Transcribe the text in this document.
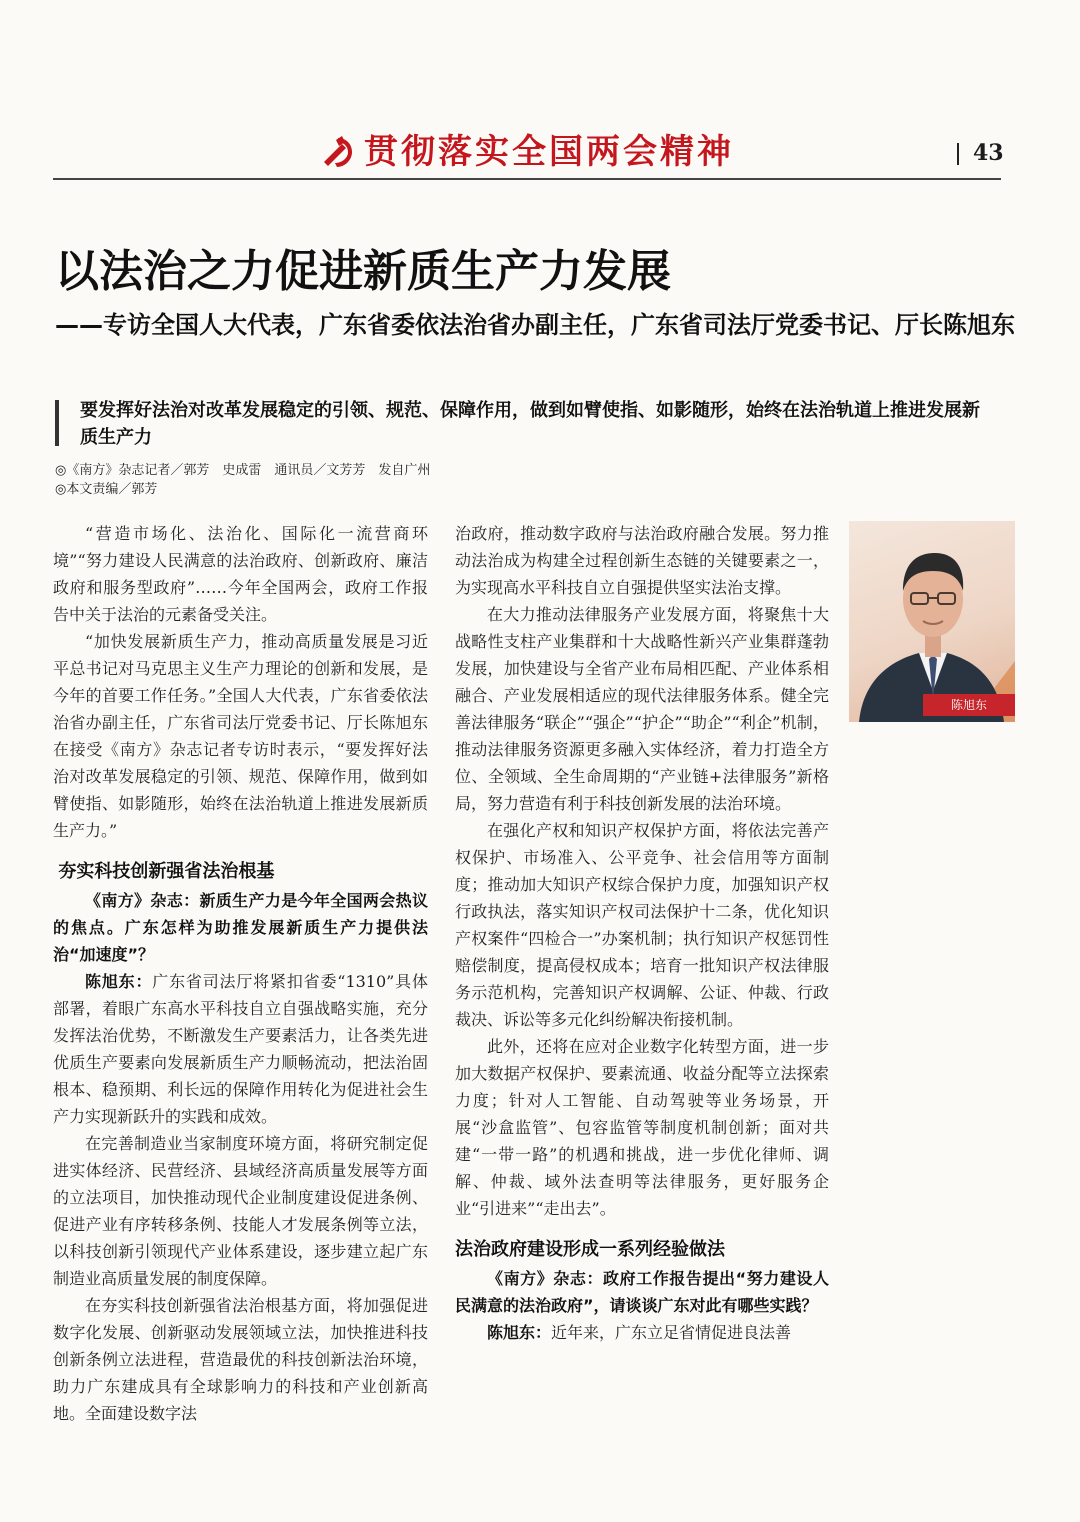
贯彻落实全国两会精神	43
以法治之力促进新质生产力发展
——专访全国人大代表，广东省委依法治省办副主任，广东省司法厅党委书记、厅长陈旭东
要发挥好法治对改革发展稳定的引领、规范、保障作用，做到如臂使指、如影随形，始终在法治轨道上推进发展新质生产力
◎《南方》杂志记者／郭芳　史成雷　通讯员／文芳芳　发自广州
◎本文责编／郭芳

“营造市场化、法治化、国际化一流营商环境”“努力建设人民满意的法治政府、创新政府、廉洁政府和服务型政府”……今年全国两会，政府工作报告中关于法治的元素备受关注。

“加快发展新质生产力，推动高质量发展是习近平总书记对马克思主义生产力理论的创新和发展，是今年的首要工作任务。”全国人大代表，广东省委依法治省办副主任，广东省司法厅党委书记、厅长陈旭东在接受《南方》杂志记者专访时表示，“要发挥好法治对改革发展稳定的引领、规范、保障作用，做到如臂使指、如影随形，始终在法治轨道上推进发展新质生产力。”

夯实科技创新强省法治根基

《南方》杂志：新质生产力是今年全国两会热议的焦点。广东怎样为助推发展新质生产力提供法治“加速度”？

陈旭东：广东省司法厅将紧扣省委“1310”具体部署，着眼广东高水平科技自立自强战略实施，充分发挥法治优势，不断激发生产要素活力，让各类先进优质生产要素向发展新质生产力顺畅流动，把法治固根本、稳预期、利长远的保障作用转化为促进社会生产力实现新跃升的实践和成效。

在完善制造业当家制度环境方面，将研究制定促进实体经济、民营经济、县域经济高质量发展等方面的立法项目，加快推动现代企业制度建设促进条例、促进产业有序转移条例、技能人才发展条例等立法，以科技创新引领现代产业体系建设，逐步建立起广东制造业高质量发展的制度保障。

在夯实科技创新强省法治根基方面，将加强促进数字化发展、创新驱动发展领域立法，加快推进科技创新条例立法进程，营造最优的科技创新法治环境，助力广东建成具有全球影响力的科技和产业创新高地。全面建设数字法

治政府，推动数字政府与法治政府融合发展。努力推动法治成为构建全过程创新生态链的关键要素之一，为实现高水平科技自立自强提供坚实法治支撑。

在大力推动法律服务产业发展方面，将聚焦十大战略性支柱产业集群和十大战略性新兴产业集群蓬勃发展，加快建设与全省产业布局相匹配、产业体系相融合、产业发展相适应的现代法律服务体系。健全完善法律服务“联企”“强企”“护企”“助企”“利企”机制，推动法律服务资源更多融入实体经济，着力打造全方位、全领域、全生命周期的“产业链+法律服务”新格局，努力营造有利于科技创新发展的法治环境。

在强化产权和知识产权保护方面，将依法完善产权保护、市场准入、公平竞争、社会信用等方面制度；推动加大知识产权综合保护力度，加强知识产权行政执法，落实知识产权司法保护十二条，优化知识产权案件“四检合一”办案机制；执行知识产权惩罚性赔偿制度，提高侵权成本；培育一批知识产权法律服务示范机构，完善知识产权调解、公证、仲裁、行政裁决、诉讼等多元化纠纷解决衔接机制。

此外，还将在应对企业数字化转型方面，进一步加大数据产权保护、要素流通、收益分配等立法探索力度；针对人工智能、自动驾驶等业务场景，开展“沙盒监管”、包容监管等制度机制创新；面对共建“一带一路”的机遇和挑战，进一步优化律师、调解、仲裁、域外法查明等法律服务，更好服务企业“引进来”“走出去”。

法治政府建设形成一系列经验做法

《南方》杂志：政府工作报告提出“努力建设人民满意的法治政府”，请谈谈广东对此有哪些实践？

陈旭东：近年来，广东立足省情促进良法善

陈旭东
